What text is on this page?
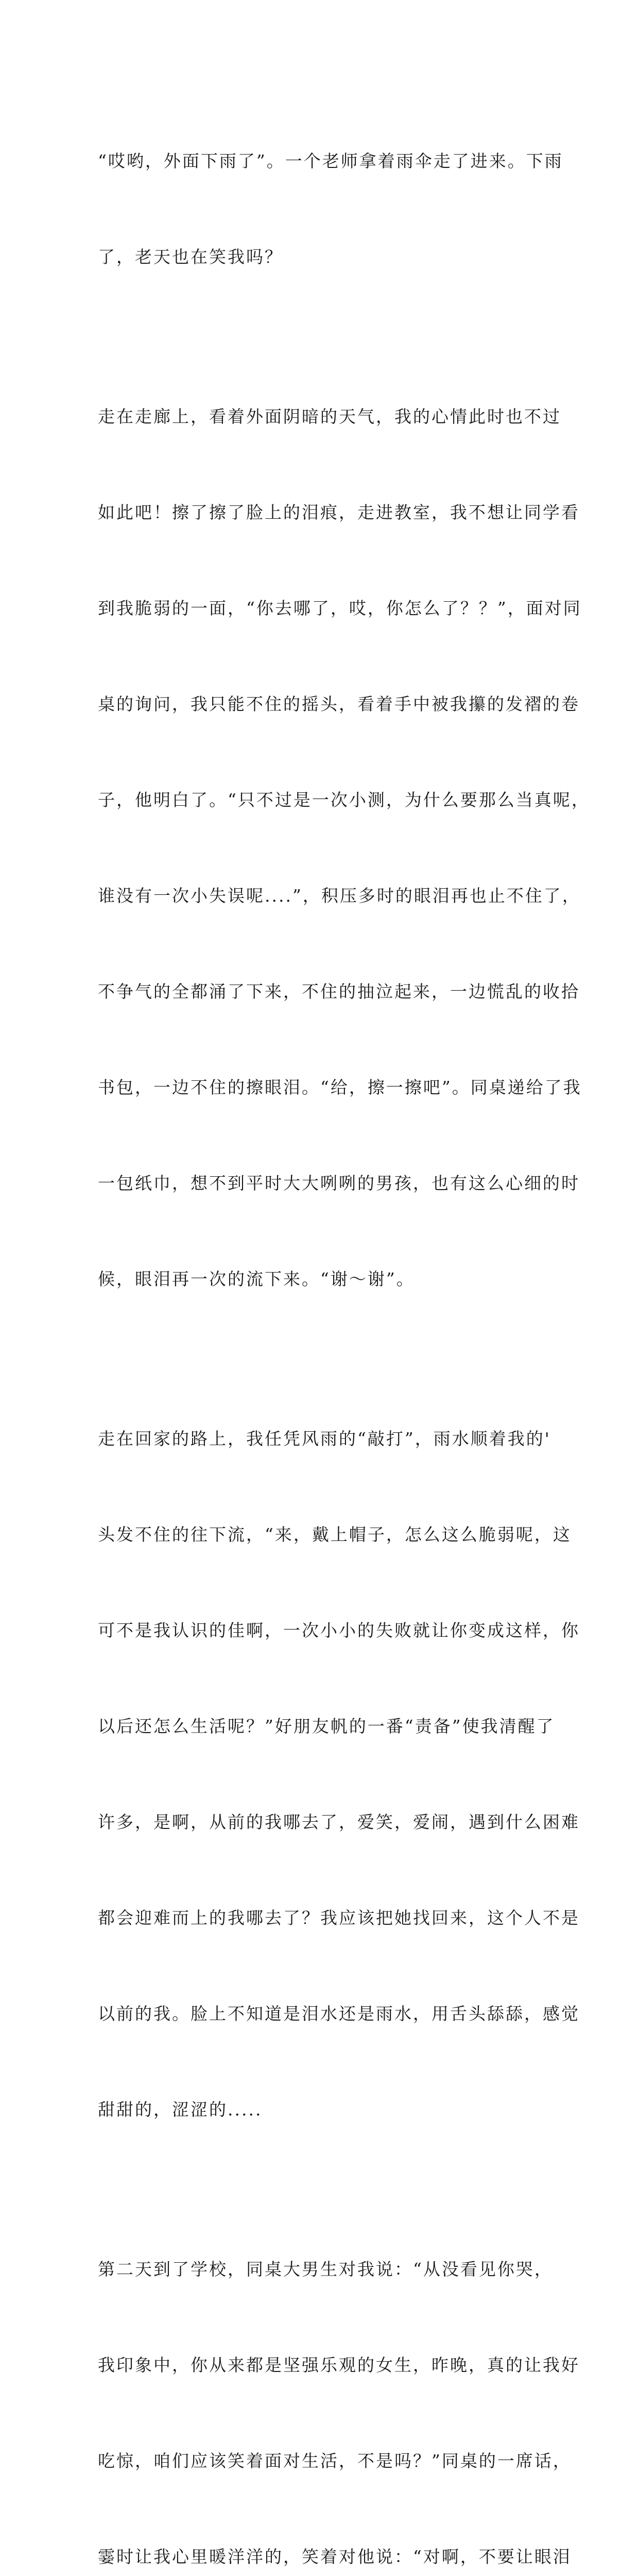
“哎哟，外面下雨了”。一个老师拿着雨伞走了进来。下雨

了，老天也在笑我吗？

走在走廊上，看着外面阴暗的天气，我的心情此时也不过

如此吧！擦了擦了脸上的泪痕，走进教室，我不想让同学看

到我脆弱的一面，“你去哪了，哎，你怎么了？？”，面对同

桌的询问，我只能不住的摇头，看着手中被我攥的发褶的卷

子，他明白了。“只不过是一次小测，为什么要那么当真呢，

谁没有一次小失误呢....”，积压多时的眼泪再也止不住了，

不争气的全都涌了下来，不住的抽泣起来，一边慌乱的收拾

书包，一边不住的擦眼泪。“给，擦一擦吧”。同桌递给了我

一包纸巾，想不到平时大大咧咧的男孩，也有这么心细的时

候，眼泪再一次的流下来。“谢～谢”。

走在回家的路上，我任凭风雨的“敲打”，雨水顺着我的'

头发不住的往下流，“来，戴上帽子，怎么这么脆弱呢，这

可不是我认识的佳啊，一次小小的失败就让你变成这样，你

以后还怎么生活呢？”好朋友帆的一番“责备”使我清醒了

许多，是啊，从前的我哪去了，爱笑，爱闹，遇到什么困难

都会迎难而上的我哪去了？我应该把她找回来，这个人不是

以前的我。脸上不知道是泪水还是雨水，用舌头舔舔，感觉

甜甜的，涩涩的.....

第二天到了学校，同桌大男生对我说：“从没看见你哭，

我印象中，你从来都是坚强乐观的女生，昨晚，真的让我好

吃惊，咱们应该笑着面对生活，不是吗？”同桌的一席话，

霎时让我心里暖洋洋的，笑着对他说：“对啊，不要让眼泪
